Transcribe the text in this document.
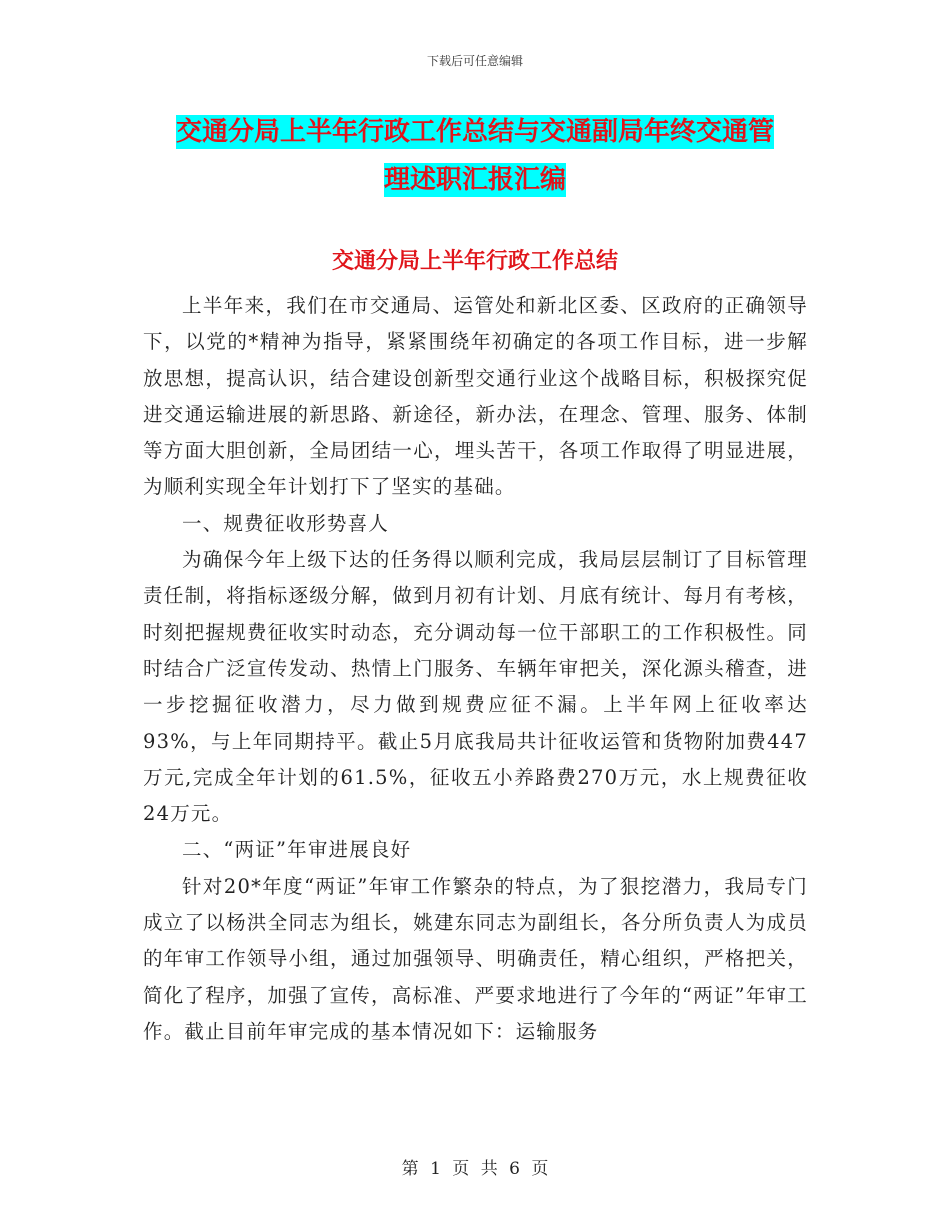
下载后可任意编辑
交通分局上半年行政工作总结与交通副局年终交通管
理述职汇报汇编
交通分局上半年行政工作总结

上半年来，我们在市交通局、运管处和新北区委、区政府的正确领导下，以党的*精神为指导，紧紧围绕年初确定的各项工作目标，进一步解放思想，提高认识，结合建设创新型交通行业这个战略目标，积极探究促进交通运输进展的新思路、新途径，新办法，在理念、管理、服务、体制等方面大胆创新，全局团结一心，埋头苦干，各项工作取得了明显进展，为顺利实现全年计划打下了坚实的基础。

一、规费征收形势喜人

为确保今年上级下达的任务得以顺利完成，我局层层制订了目标管理责任制，将指标逐级分解，做到月初有计划、月底有统计、每月有考核，时刻把握规费征收实时动态，充分调动每一位干部职工的工作积极性。同时结合广泛宣传发动、热情上门服务、车辆年审把关，深化源头稽查，进一步挖掘征收潜力，尽力做到规费应征不漏。上半年网上征收率达93%，与上年同期持平。截止5月底我局共计征收运管和货物附加费447万元,完成全年计划的61.5%，征收五小养路费270万元，水上规费征收24万元。

二、“两证”年审进展良好

针对20*年度“两证”年审工作繁杂的特点，为了狠挖潜力，我局专门成立了以杨洪全同志为组长，姚建东同志为副组长，各分所负责人为成员的年审工作领导小组，通过加强领导、明确责任，精心组织，严格把关，简化了程序，加强了宣传，高标准、严要求地进行了今年的“两证”年审工作。截止目前年审完成的基本情况如下：运输服务

第 1 页 共 6 页
